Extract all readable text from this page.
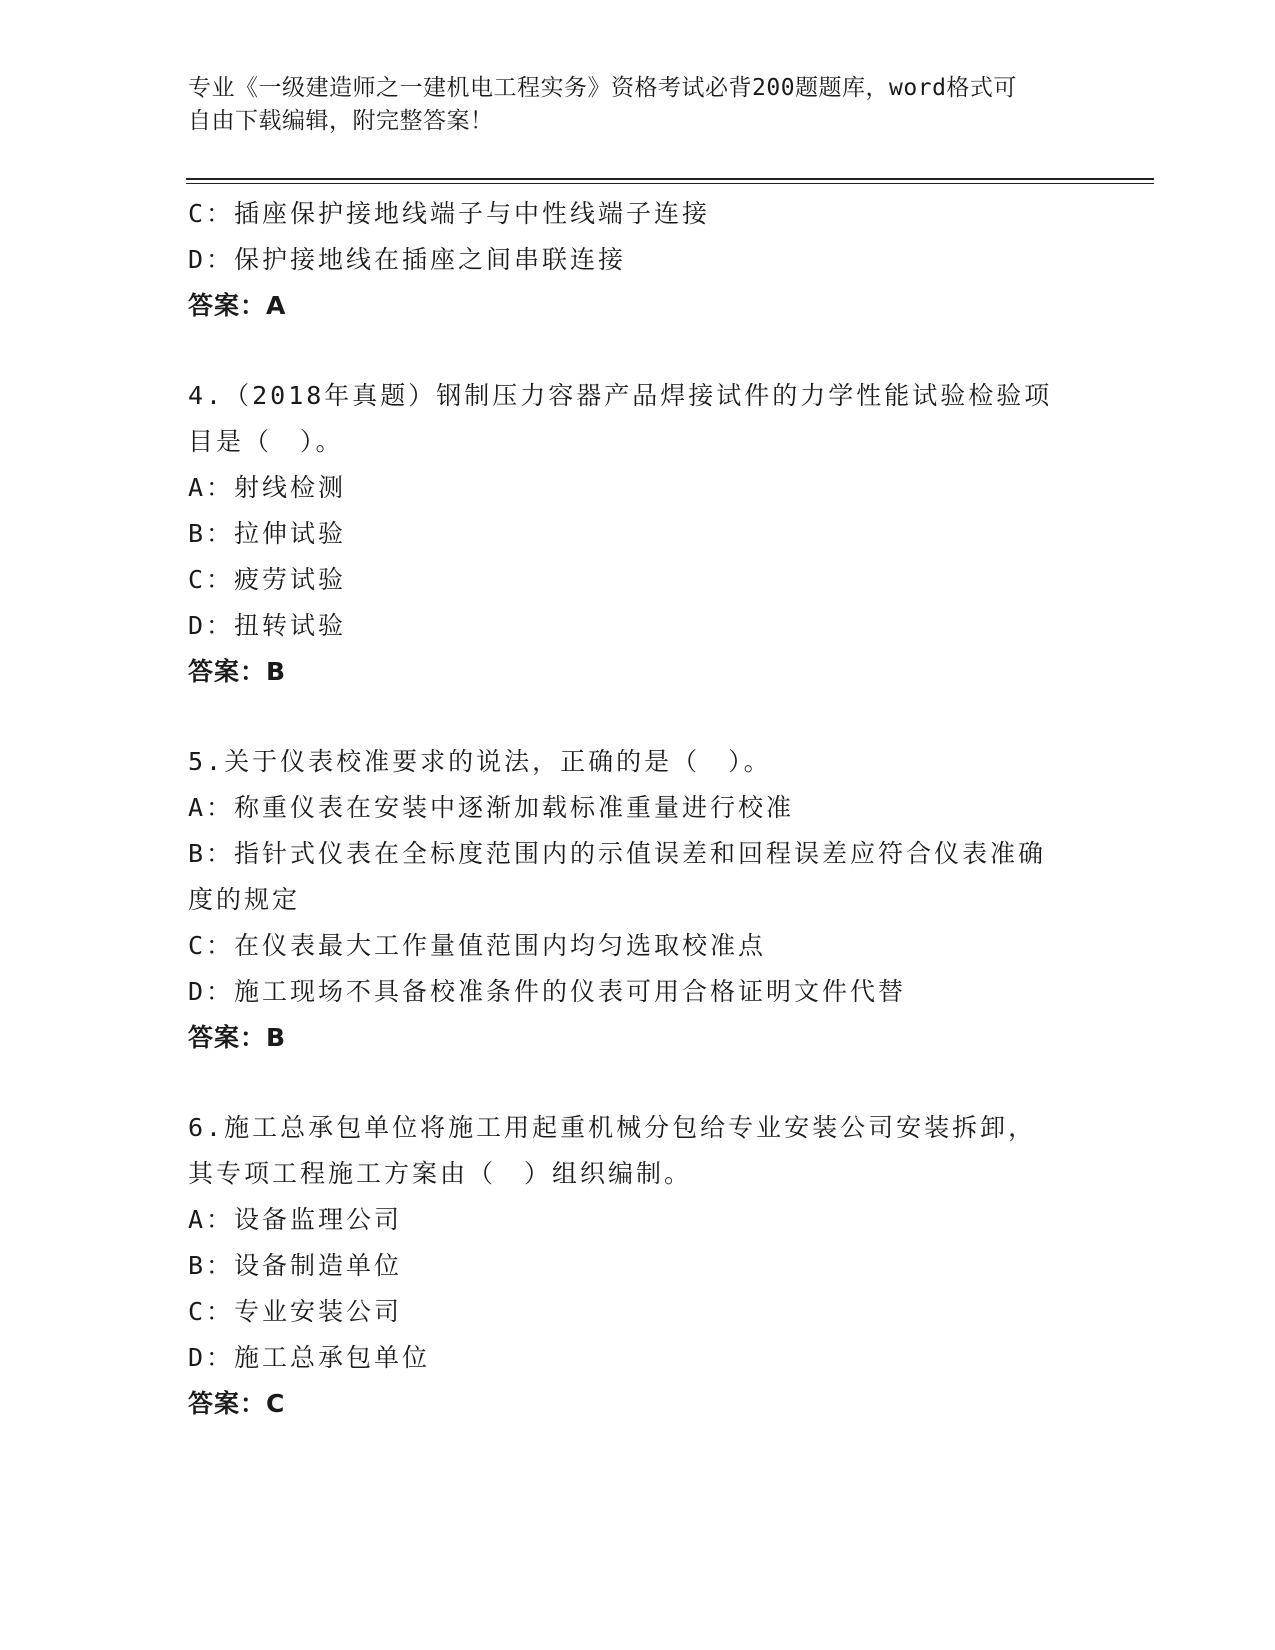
专业《一级建造师之一建机电工程实务》资格考试必背200题题库，word格式可
自由下载编辑，附完整答案！
C：插座保护接地线端子与中性线端子连接
D：保护接地线在插座之间串联连接
答案：A
4.（2018年真题）钢制压力容器产品焊接试件的力学性能试验检验项
目是（　）。
A：射线检测
B：拉伸试验
C：疲劳试验
D：扭转试验
答案：B
5.关于仪表校准要求的说法，正确的是（　）。
A：称重仪表在安装中逐渐加载标准重量进行校准
B：指针式仪表在全标度范围内的示值误差和回程误差应符合仪表准确
度的规定
C：在仪表最大工作量值范围内均匀选取校准点
D：施工现场不具备校准条件的仪表可用合格证明文件代替
答案：B
6.施工总承包单位将施工用起重机械分包给专业安装公司安装拆卸，
其专项工程施工方案由（　）组织编制。
A：设备监理公司
B：设备制造单位
C：专业安装公司
D：施工总承包单位
答案：C
